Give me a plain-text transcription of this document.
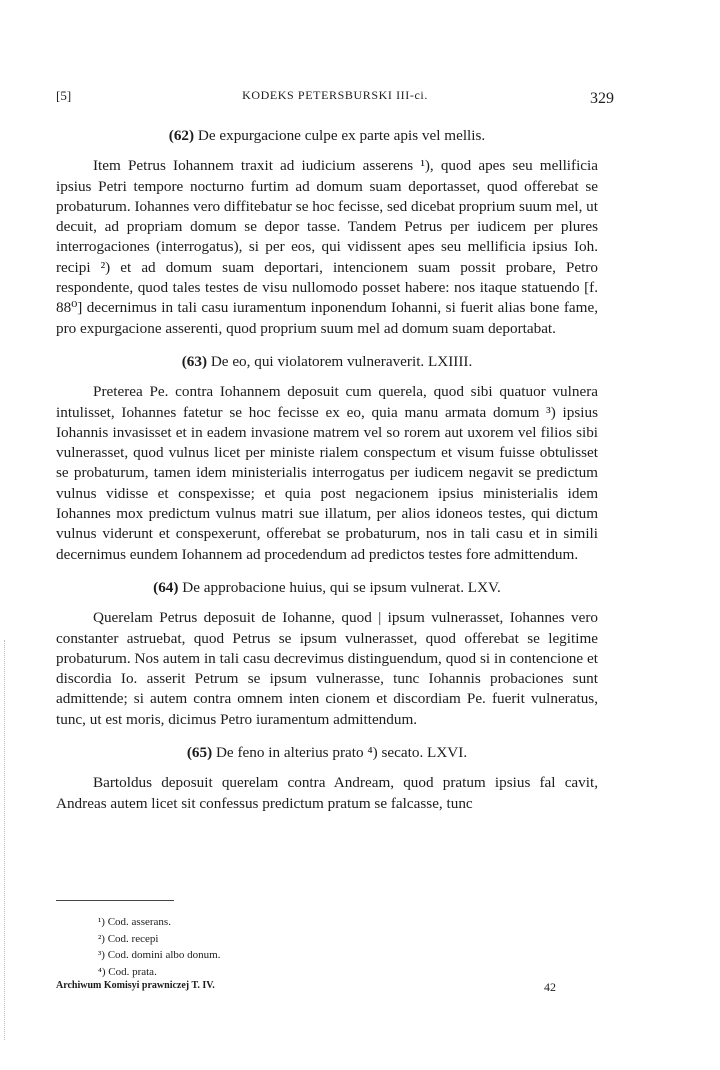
[5]	KODEKS PETERSBURSKI III-ci.	329
(62) De expurgacione culpe ex parte apis vel mellis.
Item Petrus Iohannem traxit ad iudicium asserens ¹), quod apes seu mellificia ipsius Petri tempore nocturno furtim ad domum suam deportasset, quod offerebat se probaturum. Iohannes vero diffitebatur se hoc fecisse, sed dicebat proprium suum mel, ut decuit, ad propriam domum se depor tasse. Tandem Petrus per iudicem per plures interrogaciones (interrogatus), si per eos, qui vidissent apes seu mellificia ipsius Ioh. recipi ²) et ad domum suam deportari, intencionem suam possit probare, Petro respondente, quod tales testes de visu nullomodo posset habere: nos itaque statuendo [f. 88⁰] decernimus in tali casu iuramentum inponendum Iohanni, si fuerit alias bone fame, pro expurgacione asserenti, quod proprium suum mel ad domum suam deportabat.
(63) De eo, qui violatorem vulneraverit. LXIIII.
Preterea Pe. contra Iohannem deposuit cum querela, quod sibi quatuor vulnera intulisset, Iohannes fatetur se hoc fecisse ex eo, quia manu armata domum ³) ipsius Iohannis invasisset et in eadem invasione matrem vel so rorem aut uxorem vel filios sibi vulnerasset, quod vulnus licet per ministe rialem conspectum et visum fuisse obtulisset se probaturum, tamen idem ministerialis interrogatus per iudicem negavit se predictum vulnus vidisse et conspexisse; et quia post negacionem ipsius ministerialis idem Iohannes mox predictum vulnus matri sue illatum, per alios idoneos testes, qui dictum vulnus viderunt et conspexerunt, offerebat se probaturum, nos in tali casu et in simili decernimus eundem Iohannem ad procedendum ad predictos testes fore admittendum.
(64) De approbacione huius, qui se ipsum vulnerat. LXV.
Querelam Petrus deposuit de Iohanne, quod | ipsum vulnerasset, Iohannes vero constanter astruebat, quod Petrus se ipsum vulnerasset, quod offerebat se legitime probaturum. Nos autem in tali casu decrevimus distinguendum, quod si in contencione et discordia Io. asserit Petrum se ipsum vulnerasse, tunc Iohannis probaciones sunt admittende; si autem contra omnem inten cionem et discordiam Pe. fuerit vulneratus, tunc, ut est moris, dicimus Petro iuramentum admittendum.
(65) De feno in alterius prato ⁴) secato. LXVI.
Bartoldus deposuit querelam contra Andream, quod pratum ipsius fal cavit, Andreas autem licet sit confessus predictum pratum se falcasse, tunc
¹) Cod. asserans.
²) Cod. recepi
³) Cod. domini albo donum.
⁴) Cod. prata.
Archiwum Komisyi prawniczej T. IV.	42
